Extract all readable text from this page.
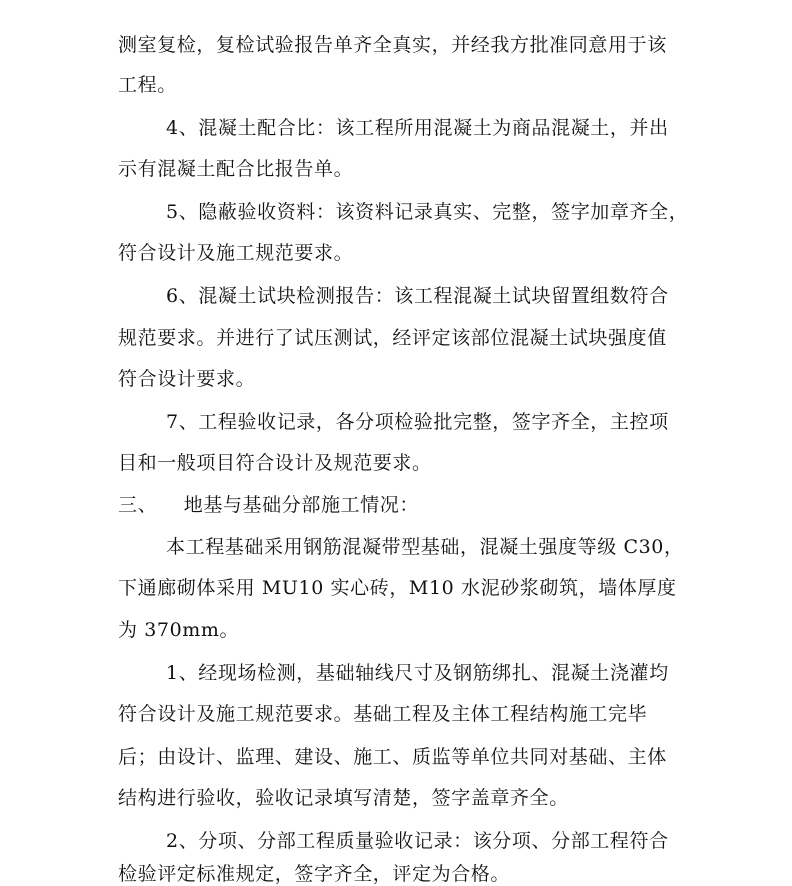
测室复检，复检试验报告单齐全真实，并经我方批准同意用于该
工程。
4、混凝土配合比：该工程所用混凝土为商品混凝土，并出
示有混凝土配合比报告单。
5、隐蔽验收资料：该资料记录真实、完整，签字加章齐全，
符合设计及施工规范要求。
6、混凝土试块检测报告：该工程混凝土试块留置组数符合
规范要求。并进行了试压测试，经评定该部位混凝土试块强度值
符合设计要求。
7、工程验收记录，各分项检验批完整，签字齐全，主控项
目和一般项目符合设计及规范要求。
三、    地基与基础分部施工情况：
本工程基础采用钢筋混凝带型基础，混凝土强度等级 C30，
下通廊砌体采用 MU10 实心砖，M10 水泥砂浆砌筑，墙体厚度
为 370mm。
1、经现场检测，基础轴线尺寸及钢筋绑扎、混凝土浇灌均
符合设计及施工规范要求。基础工程及主体工程结构施工完毕
后；由设计、监理、建设、施工、质监等单位共同对基础、主体
结构进行验收，验收记录填写清楚，签字盖章齐全。
2、分项、分部工程质量验收记录：该分项、分部工程符合
检验评定标准规定，签字齐全，评定为合格。
